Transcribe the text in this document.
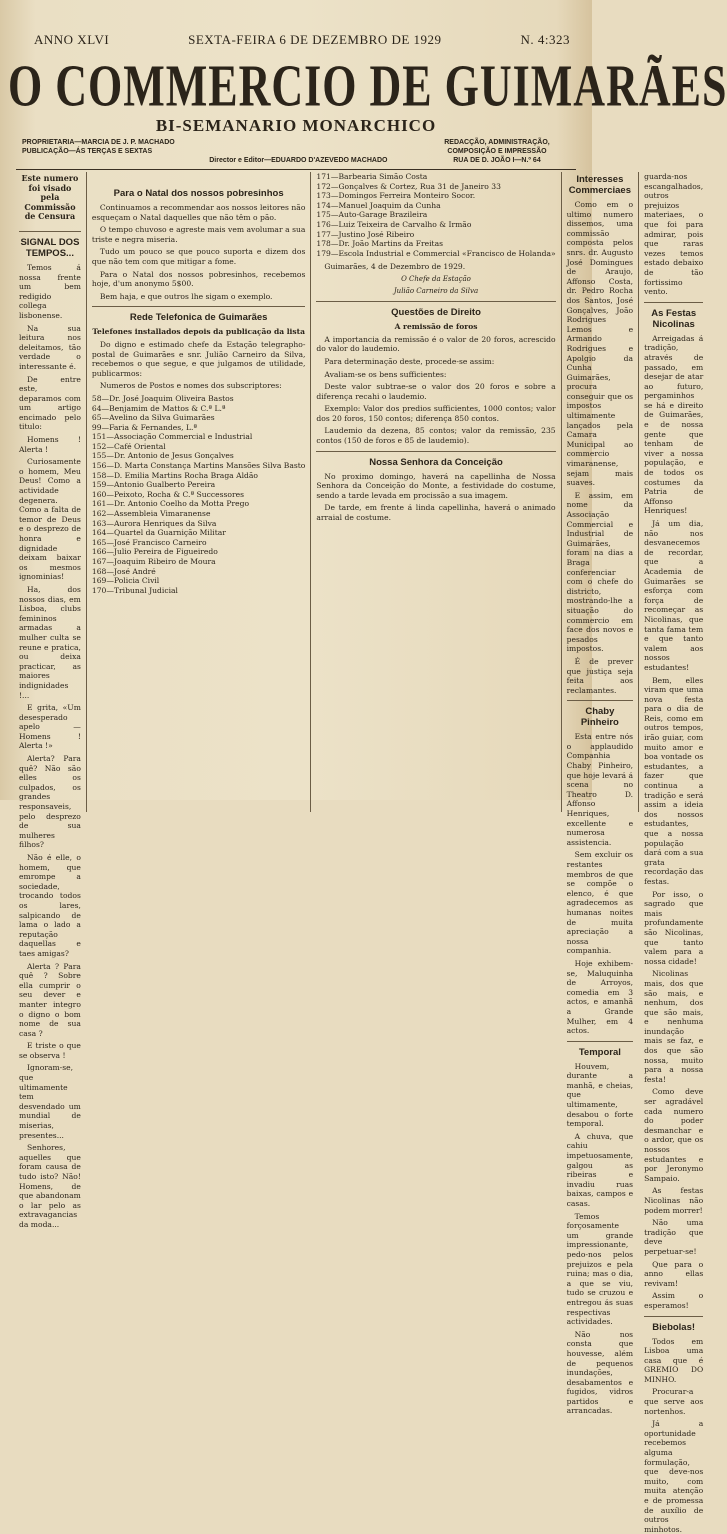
ANNO XLVI	SEXTA-FEIRA 6 DE DEZEMBRO DE 1929	N. 4:323
O COMMERCIO DE GUIMARÃES
BI-SEMANARIO MONARCHICO
PROPRIETARIA—MARCIA DE J. P. MACHADO
PUBLICAÇÃO—ÁS TERÇAS E SEXTAS
Director e Editor—EDUARDO D'AZEVEDO MACHADO
REDACÇÃO, ADMINISTRAÇÃO, COMPOSIÇÃO E IMPRESSÃO
RUA DE D. JOÃO I—N.º 64
Este numero foi visado pela Commissão de Censura
SIGNAL DOS TEMPOS...

Temos á nossa frente um bem redigido collega lisbonense.

Na sua leitura nos deleitamos, tão verdade o interessante é.

De entre este, deparamos com um artigo encimado pelo titulo:

Homens ! Alerta !

Curiosamente o homem, Meu Deus! Como a actividade degenera. Como a falta de temor de Deus e o desprezo de honra e dignidade deixam baixar os mesmos ignominias!

Ha, dos nossos dias, em Lisboa, clubs femininos armadas a mulher culta se reune e pratica, ou deixa practicar, as maiores indignidades !...

E grita, «Um desesperado apelo — Homens ! Alerta !»

Alerta? Para quê? Não são elles os culpados, os grandes responsaveis, pelo desprezo de sua mulheres filhos?

Não é elle, o homem, que emrompe a sociedade, trocando todos os lares, salpicando de lama o lado a reputação daquellas e taes amigas?

Alerta ? Para quê ? Sobre ella cumprir o seu dever e manter integro o digno o bom nome de sua casa ?

E triste o que se observa !

Ignoram-se, que ultimamente tem desvendado um mundial de miserias, presentes...

Senhores, aquelles que foram causa de tudo isto? Não! Homens, de que abandonam o lar pelo as extravagancias da moda...

Para o Natal dos nossos pobresinhos

Continuamos a recommendar aos nossos leitores não esqueçam o Natal daquelles que não têm o pão.

O tempo chuvoso e agreste mais vem avolumar a sua triste e negra miseria.

Tudo um pouco se que pouco suporta e dizem dos que não tem com que mitigar a fome.

Para o Natal dos nossos pobresinhos, recebemos hoje, d'um anonymo 5$00.

Bem haja, e que outros lhe sigam o exemplo.

Rede Telefonica de Guimarães
Telefones installados depois da publicação da lista

Do digno e estimado chefe da Estação telegrapho-postal de Guimarães e snr. Julião Carneiro da Silva, recebemos o que segue, e que julgamos de utilidade, publicarmos:

Numeros de Postos e nomes dos subscriptores:

58—Dr. José Joaquim Oliveira Bastos
64—Benjamim de Mattos & C.ª L.ª
65—Avelino da Silva Guimarães
99—Faria & Fernandes, L.ª
151—Associação Commercial e Industrial
152—Café Oriental
155—Dr. Antonio de Jesus Gonçalves
156—D. Marta Constança Martins Mansões Silva Basto
158—D. Emilia Martins Rocha Braga Aldão
159—Antonio Gualberto Pereira
160—Peixoto, Rocha & C.ª Successores
161—Dr. Antonio Coelho da Motta Prego
162—Assembleia Vimaranense
163—Aurora Henriques da Silva
164—Quartel da Guarnição Militar
165—José Francisco Carneiro
166—Julio Pereira de Figueiredo
167—Joaquim Ribeiro de Moura
168—José André
169—Policia Civil
170—Tribunal Judicial
171—Barbearia Simão Costa
172—Gonçalves & Cortez, Rua 31 de Janeiro 33
173—Domingos Ferreira Monteiro Socor.
174—Manuel Joaquim da Cunha
175—Auto-Garage Brazileira
176—Luiz Teixeira de Carvalho & Irmão
177—Justino José Ribeiro
178—Dr. João Martins da Freitas
179—Escola Industrial e Commercial «Francisco de Holanda»

Guimarães, 4 de Dezembro de 1929.

O Chefe da Estação
Julião Carneiro da Silva
Questões de Direito
A remissão de foros

A importancia da remissão é o valor de 20 foros, acrescido do valor do laudemio.

Para determinação deste, procede-se assim:

Avaliam-se os bens sufficientes:

Deste valor subtrae-se o valor dos 20 foros e sobre a diferença recahi o laudemio.

Exemplo: Valor dos predios sufficientes, 1000 contos; valor dos 20 foros, 150 contos; diferença 850 contos.

Laudemio da dezena, 85 contos; valor da remissão, 235 contos (150 de foros e 85 de laudemio).

Nossa Senhora da Conceição

No proximo domingo, haverá na capellinha de Nossa Senhora da Conceição do Monte, a festividade do costume, sendo a tarde levada em procissão a sua imagem.

De tarde, em frente á linda capellinha, haverá o animado arraial de costume.

Interesses Commerciaes

Como em o ultimo numero dissemos, uma commissão composta pelos snrs. dr. Augusto José Domingues de Araujo, Affonso Costa, dr. Pedro Rocha dos Santos, José Gonçalves, João Rodrigues Lemos e Armando Rodrigues e Apolgio da Cunha Guimarães, procura conseguir que os impostos ultimamente lançados pela Camara Municipal ao commercio vimaranense, sejam mais suaves.

E assim, em nome da Associação Commercial e Industrial de Guimarães, foram na dias a Braga conferenciar com o chefe do districto, mostrando-lhe a situação do commercio em face dos novos e pesados impostos.

É de prever que justiça seja feita aos reclamantes.

Chaby Pinheiro

Esta entre nós o applaudido Companhia Chaby Pinheiro, que hoje levará á scena no Theatro D. Affonso Henriques, excellente e numerosa assistencia.

Sem excluir os restantes membros de que se compõe o elenco, é que agradecemos as humanas noites de muita apreciação a nossa companhia.

Hoje exhibem-se, Maluquinha de Arroyos, comedia em 3 actos, e amanhã a Grande Mulher, em 4 actos.

Temporal

Houvem, durante a manhã, e cheias, que ultimamente, desabou o forte temporal.

A chuva, que cahiu impetuosamente, galgou as ribeiras e invadiu ruas baixas, campos e casas.

Temos forçosamente um grande impressionante, pedo-nos pelos prejuizos e pela ruina; mas o dia, a que se viu, tudo se cruzou e entregou ás suas respectivas actividades.

Não nos consta que houvesse, além de pequenos inundações, desabamentos e fugidos, vidros partidos e arrancadas.

guarda-nos escangalhados, outros prejuizos materiaes, o que foi para admirar, pois que raras vezes temos estado debaixo de tão fortissimo vento.

As Festas Nicolinas

Arreigadas á tradição, através de passado, em desejar de atar ao futuro, pergaminhos se há e direito de Guimarães, e de nossa gente que tenham de viver a nossa população, e de todos os costumes da Patria de Affonso Henriques!

Já um dia, não nos desvanecemos de recordar, que a Academia de Guimarães se esforça com força de recomeçar as Nicolinas, que tanta fama tem e que tanto valem aos nossos estudantes!

Bem, elles viram que uma nova festa para o dia de Reis, como em outros tempos, irão guiar, com muito amor e boa vontade os estudantes, a fazer que continua a tradição e será assim a ideia dos nossos estudantes, que a nossa população dará com a sua grata recordação das festas.

Por isso, o sagrado que mais profundamente são Nicolinas, que tanto valem para a nossa cidade!

Nicolinas mais, dos que são mais, e nenhum, dos que são mais, e nenhuma inundação mais se faz, e dos que são nossa, muito para a nossa festa!

Como deve ser agradável cada numero do poder desmanchar e o ardor, que os nossos estudantes e por Jeronymo Sampaio.

As festas Nicolinas não podem morrer!

Não uma tradição que deve perpetuar-se!

Que para o anno ellas revivam!

Assim o esperamos!

Biebolas!

Todos em Lisboa uma casa que é GREMIO DO MINHO.

Procurar-a que serve aos nortenhos.

Já a oportunidade recebemos alguma formulação, que deve-nos muito, com muita atenção e de promessa de auxílio de outros minhotos.
